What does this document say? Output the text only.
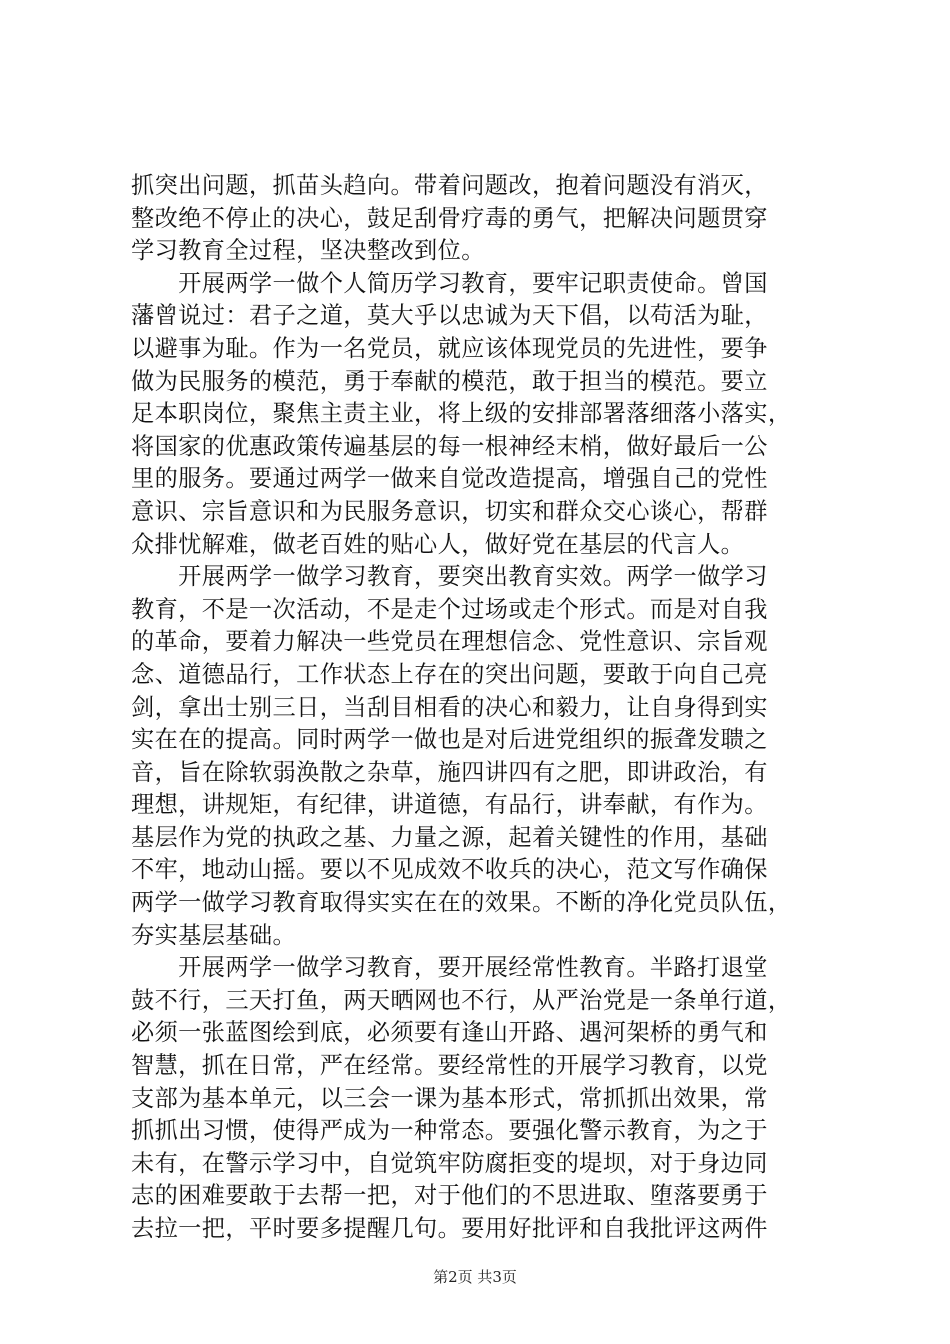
抓突出问题，抓苗头趋向。带着问题改，抱着问题没有消灭，
整改绝不停止的决心，鼓足刮骨疗毒的勇气，把解决问题贯穿
学习教育全过程，坚决整改到位。
　　开展两学一做个人简历学习教育，要牢记职责使命。曾国
藩曾说过：君子之道，莫大乎以忠诚为天下倡，以苟活为耻，
以避事为耻。作为一名党员，就应该体现党员的先进性，要争
做为民服务的模范，勇于奉献的模范，敢于担当的模范。要立
足本职岗位，聚焦主责主业，将上级的安排部署落细落小落实，
将国家的优惠政策传遍基层的每一根神经末梢，做好最后一公
里的服务。要通过两学一做来自觉改造提高，增强自己的党性
意识、宗旨意识和为民服务意识，切实和群众交心谈心，帮群
众排忧解难，做老百姓的贴心人，做好党在基层的代言人。
　　开展两学一做学习教育，要突出教育实效。两学一做学习
教育，不是一次活动，不是走个过场或走个形式。而是对自我
的革命，要着力解决一些党员在理想信念、党性意识、宗旨观
念、道德品行，工作状态上存在的突出问题，要敢于向自己亮
剑，拿出士别三日，当刮目相看的决心和毅力，让自身得到实
实在在的提高。同时两学一做也是对后进党组织的振聋发聩之
音，旨在除软弱涣散之杂草，施四讲四有之肥，即讲政治，有
理想，讲规矩，有纪律，讲道德，有品行，讲奉献，有作为。
基层作为党的执政之基、力量之源，起着关键性的作用，基础
不牢，地动山摇。要以不见成效不收兵的决心，范文写作确保
两学一做学习教育取得实实在在的效果。不断的净化党员队伍，
夯实基层基础。
　　开展两学一做学习教育，要开展经常性教育。半路打退堂
鼓不行，三天打鱼，两天晒网也不行，从严治党是一条单行道，
必须一张蓝图绘到底，必须要有逢山开路、遇河架桥的勇气和
智慧，抓在日常，严在经常。要经常性的开展学习教育，以党
支部为基本单元，以三会一课为基本形式，常抓抓出效果，常
抓抓出习惯，使得严成为一种常态。要强化警示教育，为之于
未有，在警示学习中，自觉筑牢防腐拒变的堤坝，对于身边同
志的困难要敢于去帮一把，对于他们的不思进取、堕落要勇于
去拉一把，平时要多提醒几句。要用好批评和自我批评这两件
第2页 共3页
